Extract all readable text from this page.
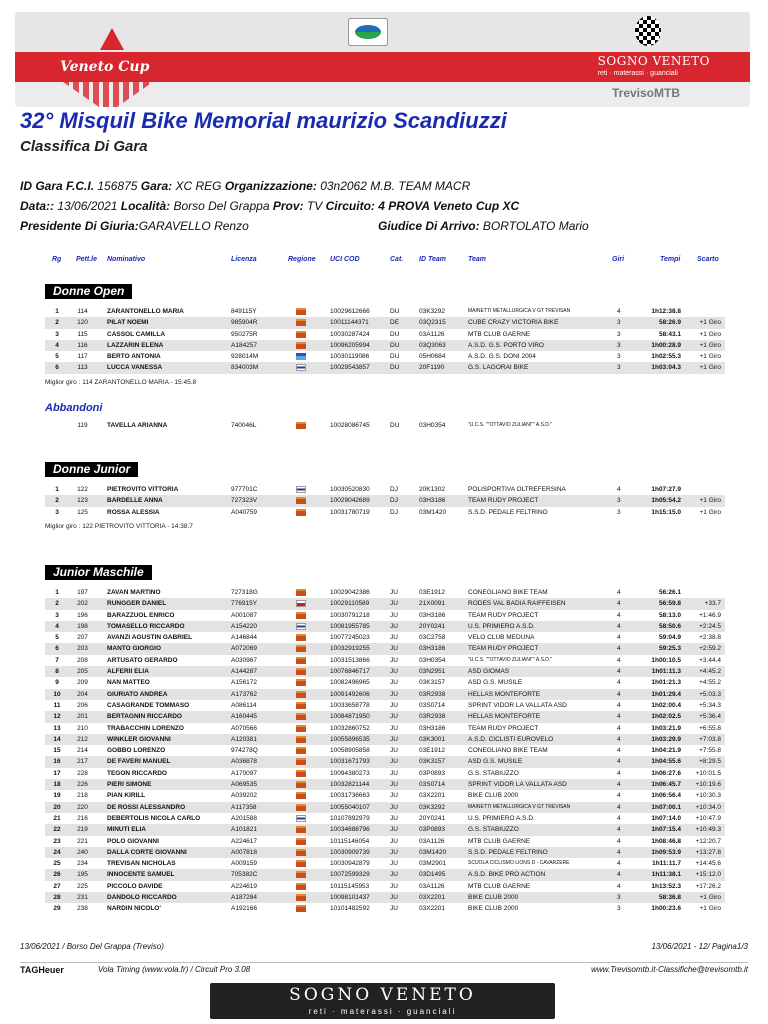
Veneto Cup	SOGNO VENETO
reti · materassi · guanciali
TrevisoMTB
32° Misquil Bike Memorial maurizio Scandiuzzi
Classifica Di Gara
ID Gara F.C.I. 156875 Gara: XC REG Organizzazione: 03n2062 M.B. TEAM MACR
Data:: 13/06/2021 Località: Borso Del Grappa Prov: TV Circuito: 4 PROVA Veneto Cup XC
Presidente Di Giuria:GARAVELLO Renzo	Giudice Di Arrivo: BORTOLATO Mario
Rg Pett.le Nominativo	Licenza	Regione UCI COD	Cat. ID Team	Team	Giri	Tempi Scarto
Donne Open
1	114	ZARANTONELLO MARIA	849115Y	10029612666	DU	03K3292	MAINETTI METALLURGICA V GT TREVISAN	4	1h12:38.8
2	120	PILAT NOEMI	985904R	10011144371	DE	03Q2315	CUBE CRAZY VICTORIA BIKE	3	58:26.9	+1 Giro
3	115	CASSOL CAMILLA	950275R	10030287424	DU	03A1126	MTB CLUB GAERNE	3	58:43.1	+1 Giro
4	116	LAZZARIN ELENA	A184257	10096205994	DU	03Q3063	A.S.D. G.S. PORTO VIRO	3	1h00:28.9	+1 Giro
5	117	BERTO ANTONIA	928014M	10030119086	DU	05H0684	A.S.D. G.S. DONI 2004	3	1h02:55.3	+1 Giro
6	113	LUCCA VANESSA	834003M	10029543857	DU	20F1190	G.S. LAGORAI BIKE	3	1h03:04.3	+1 Giro
Miglior giro : 114 ZARANTONELLO MARIA - 15:45.8
Abbandoni
119	TAVELLA ARIANNA	740046L	10028086745	DU	03H0354	"U.C.S. ""OTTAVIO ZULIANI"" A.S.D."
Donne Junior
1	122	PIETROVITO VITTORIA	977701C	10030520830	DJ	20K1302	POLISPORTIVA OLTREFERSINA	4	1h07:27.9
2	123	BARDELLE ANNA	727323V	10029042689	DJ	03H3186	TEAM RUDY PROJECT	3	1h05:54.2	+1 Giro
3	125	ROSSA ALESSIA	A040759	10031780719	DJ	03M1420	S.S.D. PEDALE FELTRINO	3	1h15:15.0	+1 Giro
Miglior giro : 122 PIETROVITO VITTORIA - 14:38.7
Junior Maschile
1	197	ZAVAN MARTINO	727318G	10029042386	JU	03E1912	CONEGLIANO BIKE TEAM	4	56:26.1
2	202	RUNGGER DANIEL	776915Y	10029110589	JU	21X0091	RODES VAL BADIA RAIFFEISEN	4	56:59.8	+33.7
3	196	BARAZZUOL ENRICO	A001087	10030791218	JU	03H3186	TEAM RUDY PROJECT	4	58:13.0	+1:46.9
4	198	TOMASELLO RICCARDO	A154220	10081955785	JU	20Y0241	U.S. PRIMIERO A.S.D.	4	58:50.6	+2:24.5
5	207	AVANZI AGUSTIN GABRIEL	A146844	10077245023	JU	03C2758	VELO CLUB MEDUNA	4	59:04.9	+2:38.8
6	203	MANTO GIORGIO	A072069	10032919255	JU	03H3186	TEAM RUDY PROJECT	4	59:25.3	+2:59.2
7	208	ARTUSATO GERARDO	A030967	10031513866	JU	03H0354	"U.C.S. ""OTTAVIO ZULIANI"" A.S.D."	4	1h00:10.5	+3:44.4
8	205	ALFERII ELIA	A144287	10076846717	JU	03N2951	ASD GIOMAS	4	1h01:11.3	+4:45.2
9	209	NAN MATTEO	A156172	10082496965	JU	03K3157	ASD G.S. MUSILE	4	1h01:21.3	+4:55.2
10	204	GIURIATO ANDREA	A173762	10091492606	JU	03R2938	HELLAS MONTEFORTE	4	1h01:29.4	+5:03.3
11	206	CASAGRANDE TOMMASO	A086114	10033658778	JU	03S0714	SPRINT VIDOR LA VALLATA ASD	4	1h02:00.4	+5:34.3
12	201	BERTAGNIN RICCARDO	A160445	10084871950	JU	03R2938	HELLAS MONTEFORTE	4	1h02:02.5	+5:36.4
13	210	TRABACCHIN LORENZO	A070566	10032860752	JU	03H3186	TEAM RUDY PROJECT	4	1h03:21.9	+6:55.8
14	212	WINKLER GIOVANNI	A120381	10055896535	JU	03K3001	A.S.D. CICLISTI EUROVELO	4	1h03:29.9	+7:03.8
15	214	GOBBO LORENZO	974278Q	10058905858	JU	03E1912	CONEGLIANO BIKE TEAM	4	1h04:21.9	+7:55.8
16	217	DE FAVERI MANUEL	A036878	10031671793	JU	03K3157	ASD G.S. MUSILE	4	1h04:55.6	+8:29.5
17	228	TEGON RICCARDO	A170097	10094380273	JU	03P0893	G.S. STABIUZZO	4	1h06:27.6	+10:01.5
18	226	PIERI SIMONE	A069535	10032821144	JU	03S0714	SPRINT VIDOR LA VALLATA ASD	4	1h06:45.7	+10:19.6
19	218	PIAN KIRILL	A039202	10031736663	JU	03X2201	BIKE CLUB 2000	4	1h06:56.4	+10:30.3
20	220	DE ROSSI ALESSANDRO	A117358	10055040107	JU	03K3292	MAINETTI METALLURGICA V GT TREVISAN	4	1h07:00.1	+10:34.0
21	216	DEBERTOLIS NICOLA CARLO	A201588	10107892979	JU	20Y0241	U.S. PRIMIERO A.S.D.	4	1h07:14.0	+10:47.9
22	219	MINUTI ELIA	A101821	10034688796	JU	03P0893	G.S. STABIUZZO	4	1h07:15.4	+10:49.3
23	221	POLO GIOVANNI	A224617	10115146054	JU	03A1126	MTB CLUB GAERNE	4	1h08:46.8	+12:20.7
24	240	DALLA CORTE GIOVANNI	A007818	10030909739	JU	03M1420	S.S.D. PEDALE FELTRINO	4	1h09:53.9	+13:27.8
25	234	TREVISAN NICHOLAS	A009159	10030942879	JU	03M2901	SCUOLA CICLISMO LIONS D - CAVARZERE	4	1h11:11.7	+14:45.6
26	195	INNOCENTE SAMUEL	705382C	10072599329	JU	03D1495	A.S.D. BIKE PRO ACTION	4	1h11:38.1	+15:12.0
27	225	PICCOLO DAVIDE	A224619	10115145953	JU	03A1126	MTB CLUB GAERNE	4	1h13:52.3	+17:26.2
28	231	DANDOLO RICCARDO	A187284	10098101437	JU	03X2201	BIKE CLUB 2000	3	58:36.8	+1 Giro
29	238	NARDIN NICOLO'	A192166	10101482592	JU	03X2201	BIKE CLUB 2000	3	1h00:23.6	+1 Giro
13/06/2021 / Borso Del Grappa (Treviso)	13/06/2021 - 12/ Pagina1/3
TAGHeuer	Vola Timing (www.vola.fr) / Circuit Pro 3.08	www.Trevisomtb.it-Classifiche@trevisomtb.it
SOGNO VENETO
reti · materassi · guanciali
